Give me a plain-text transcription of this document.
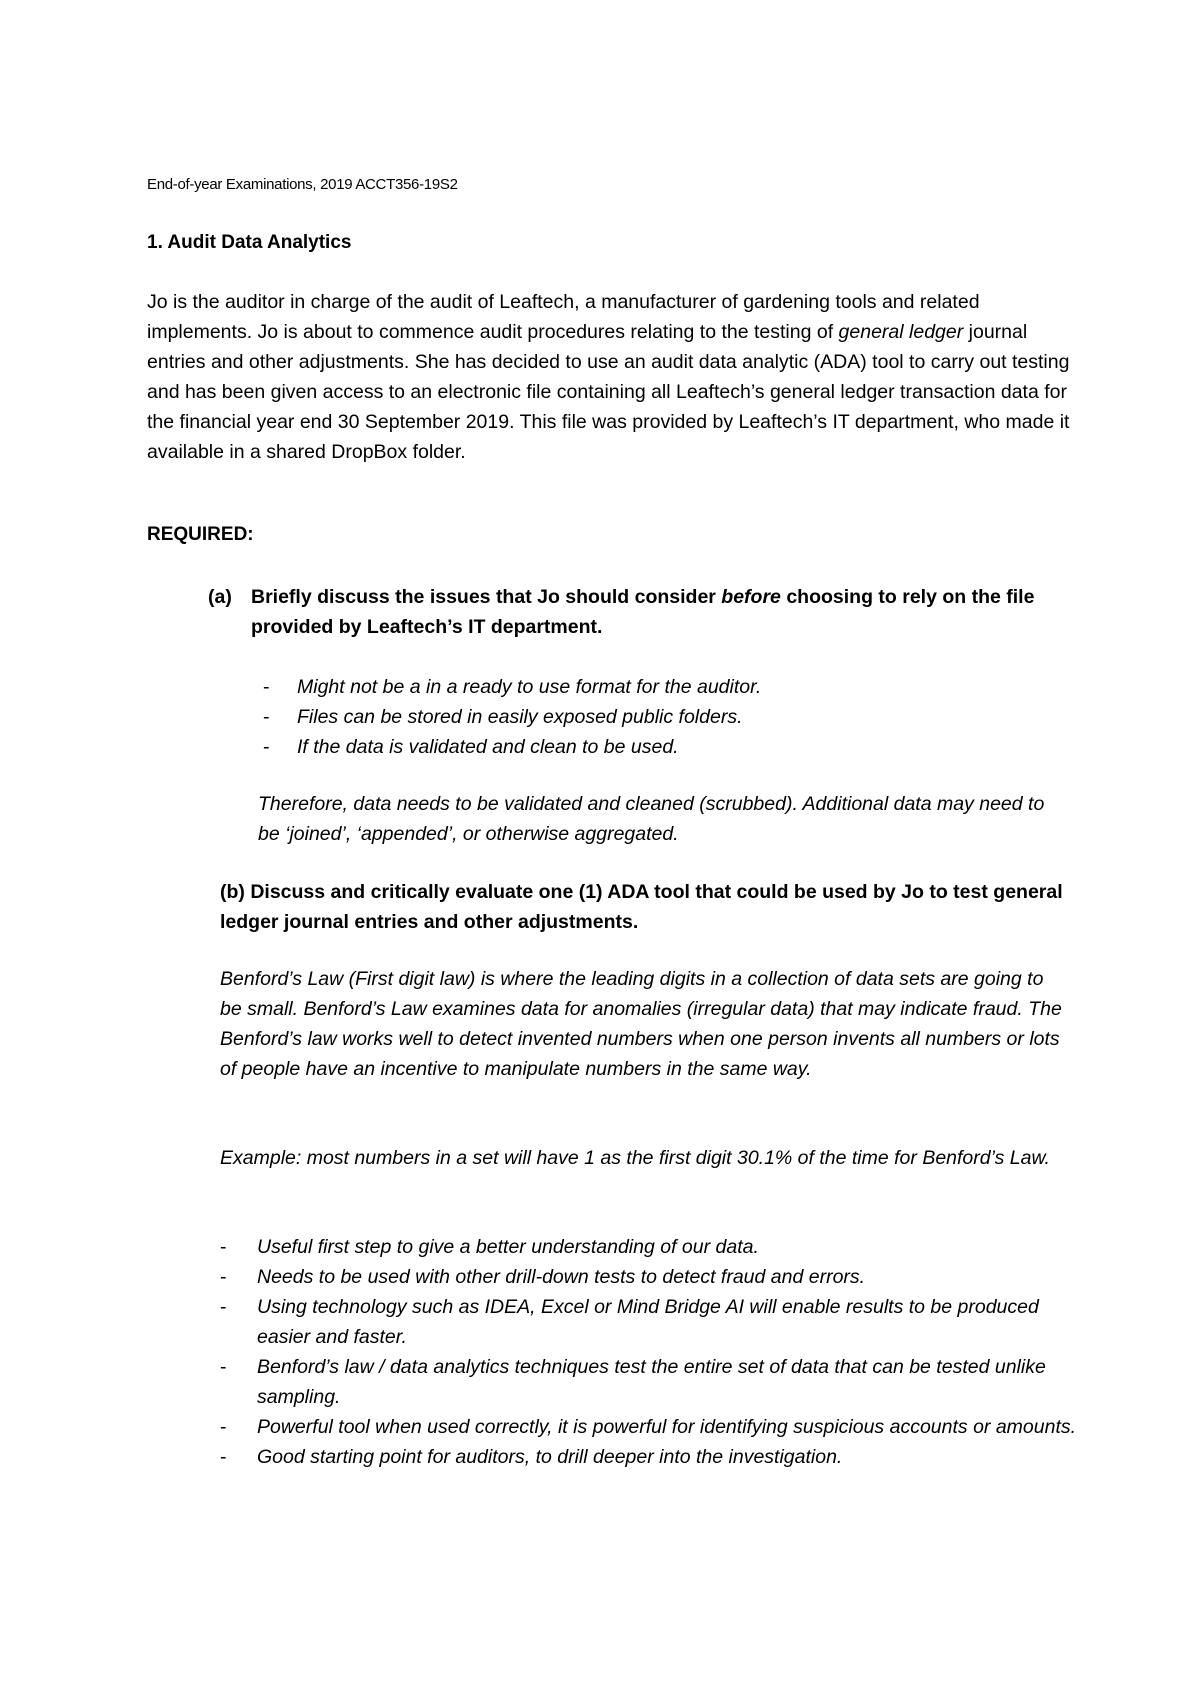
End-of-year Examinations, 2019 ACCT356-19S2
1. Audit Data Analytics
Jo is the auditor in charge of the audit of Leaftech, a manufacturer of gardening tools and related implements. Jo is about to commence audit procedures relating to the testing of general ledger journal entries and other adjustments. She has decided to use an audit data analytic (ADA) tool to carry out testing and has been given access to an electronic file containing all Leaftech’s general ledger transaction data for the financial year end 30 September 2019. This file was provided by Leaftech’s IT department, who made it available in a shared DropBox folder.
REQUIRED:
(a) Briefly discuss the issues that Jo should consider before choosing to rely on the file provided by Leaftech’s IT department.
- Might not be a in a ready to use format for the auditor.
- Files can be stored in easily exposed public folders.
- If the data is validated and clean to be used.
Therefore, data needs to be validated and cleaned (scrubbed). Additional data may need to be ‘joined’, ‘appended’, or otherwise aggregated.
(b) Discuss and critically evaluate one (1) ADA tool that could be used by Jo to test general ledger journal entries and other adjustments.
Benford’s Law (First digit law) is where the leading digits in a collection of data sets are going to be small. Benford’s Law examines data for anomalies (irregular data) that may indicate fraud. The Benford’s law works well to detect invented numbers when one person invents all numbers or lots of people have an incentive to manipulate numbers in the same way.
Example: most numbers in a set will have 1 as the first digit 30.1% of the time for Benford’s Law.
- Useful first step to give a better understanding of our data.
- Needs to be used with other drill-down tests to detect fraud and errors.
- Using technology such as IDEA, Excel or Mind Bridge AI will enable results to be produced easier and faster.
- Benford’s law / data analytics techniques test the entire set of data that can be tested unlike sampling.
- Powerful tool when used correctly, it is powerful for identifying suspicious accounts or amounts.
- Good starting point for auditors, to drill deeper into the investigation.
